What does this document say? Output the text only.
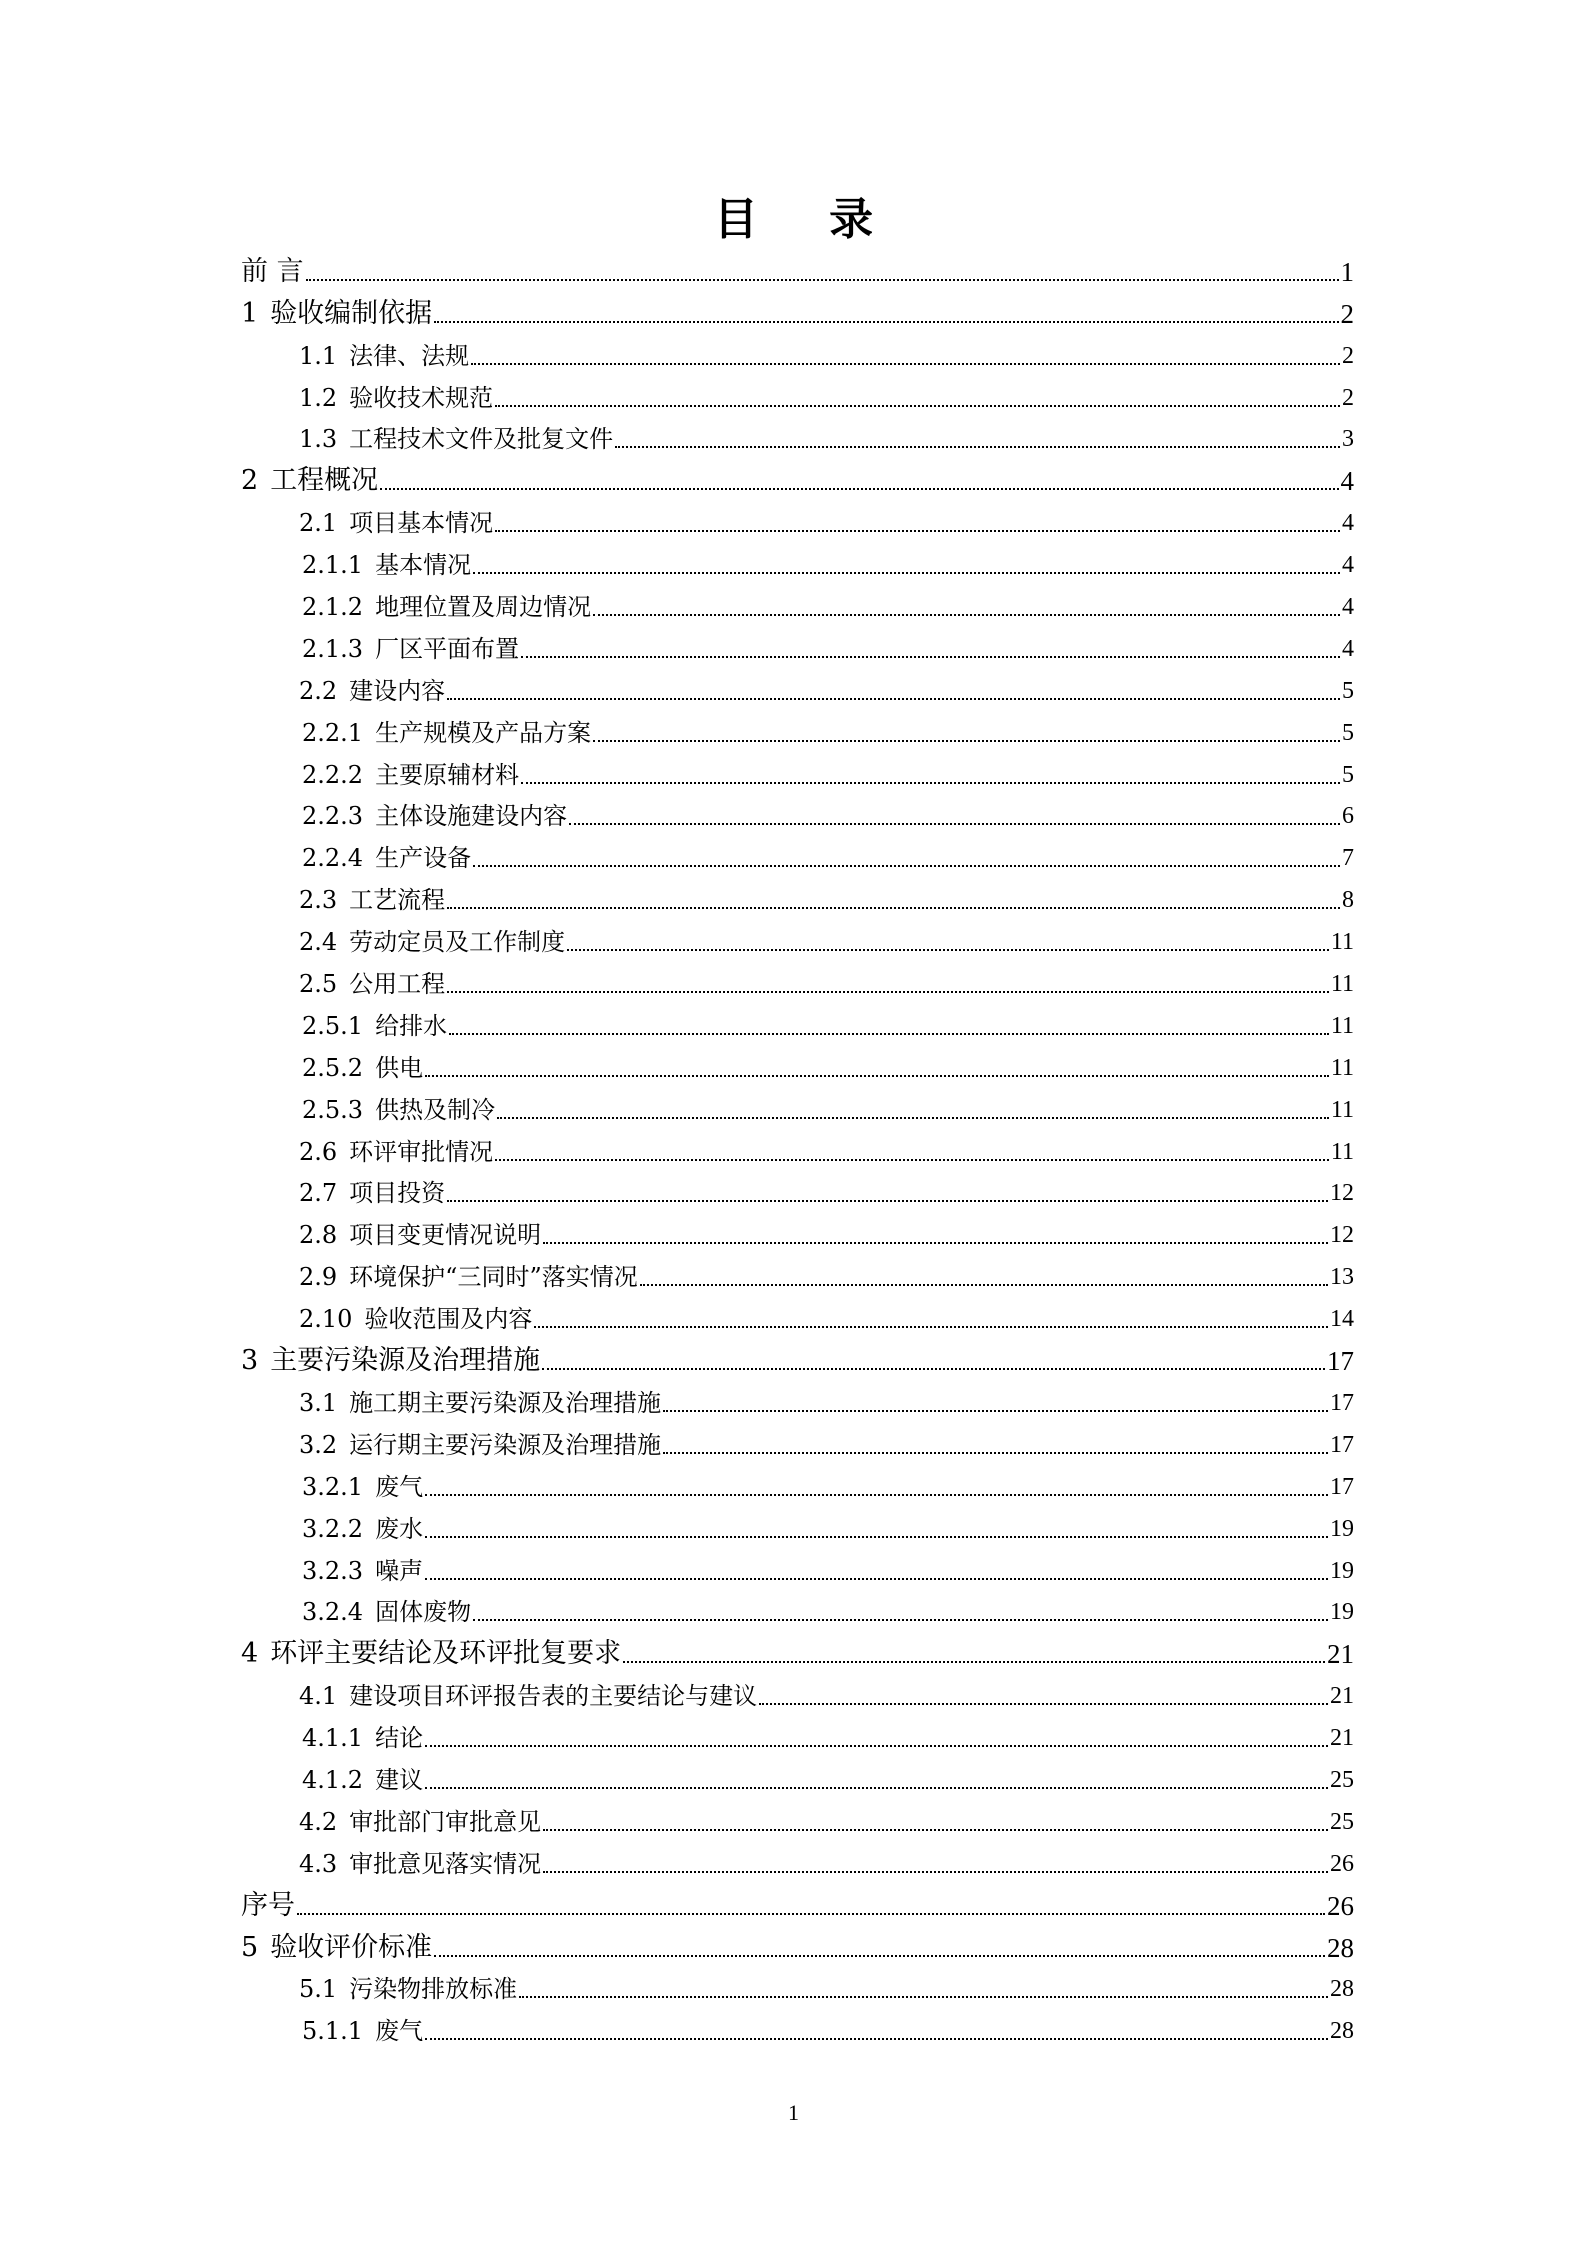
目 录
前 言	1
1 验收编制依据	2
1.1 法律、法规	2
1.2 验收技术规范	2
1.3 工程技术文件及批复文件	3
2 工程概况	4
2.1 项目基本情况	4
2.1.1 基本情况	4
2.1.2 地理位置及周边情况	4
2.1.3 厂区平面布置	4
2.2 建设内容	5
2.2.1 生产规模及产品方案	5
2.2.2 主要原辅材料	5
2.2.3 主体设施建设内容	6
2.2.4 生产设备	7
2.3 工艺流程	8
2.4 劳动定员及工作制度	11
2.5 公用工程	11
2.5.1 给排水	11
2.5.2 供电	11
2.5.3 供热及制冷	11
2.6 环评审批情况	11
2.7 项目投资	12
2.8 项目变更情况说明	12
2.9 环境保护“三同时”落实情况	13
2.10 验收范围及内容	14
3 主要污染源及治理措施	17
3.1 施工期主要污染源及治理措施	17
3.2 运行期主要污染源及治理措施	17
3.2.1 废气	17
3.2.2 废水	19
3.2.3 噪声	19
3.2.4 固体废物	19
4 环评主要结论及环评批复要求	21
4.1 建设项目环评报告表的主要结论与建议	21
4.1.1 结论	21
4.1.2 建议	25
4.2 审批部门审批意见	25
4.3 审批意见落实情况	26
序号	26
5 验收评价标准	28
5.1 污染物排放标准	28
5.1.1 废气	28
1
